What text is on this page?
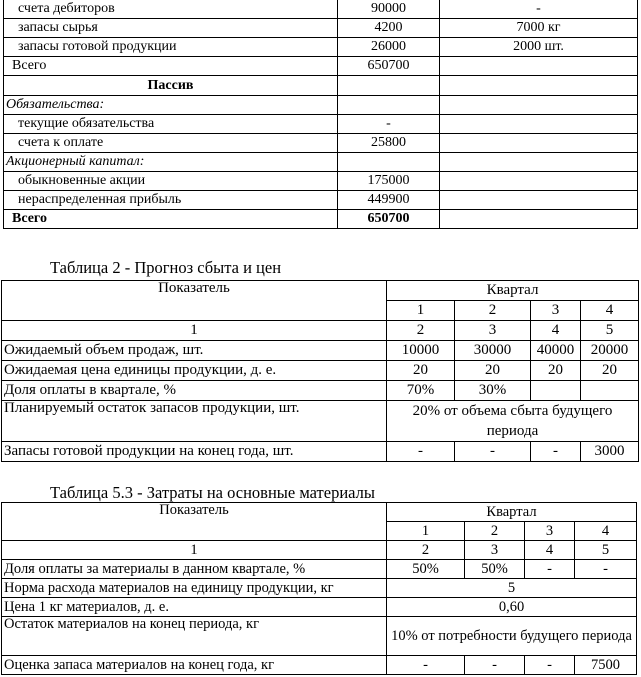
счета дебиторов	90000	-
запасы сырья	4200	7000 кг
запасы готовой продукции	26000	2000 шт.
Всего	650700	
Пассив		
Обязательства:		
текущие обязательства	-	
счета к оплате	25800	
Акционерный капитал:		
обыкновенные акции	175000	
нераспределенная прибыль	449900	
Всего	650700	
Таблица 2 - Прогноз сбыта и цен
Показатель	Квартал			
	1	2	3	4
1	2	3	4	5
Ожидаемый объем продаж, шт.	10000	30000	40000	20000
Ожидаемая цена единицы продукции, д. е.	20	20	20	20
Доля оплаты в квартале, %	70%	30%		
Планируемый остаток запасов продукции, шт.	20% от объема сбыта будущего периода			
Запасы готовой продукции на конец года, шт.	-	-	-	3000
Таблица 5.3 - Затраты на основные материалы
Показатель	Квартал			
	1	2	3	4
1	2	3	4	5
Доля оплаты за материалы в данном квартале, %	50%	50%	-	-
Норма расхода материалов на единицу продукции, кг	5			
Цена 1 кг материалов, д. е.	0,60			
Остаток материалов на конец периода, кг	10% от потребности будущего периода			
Оценка запаса материалов на конец года, кг	-	-	-	7500
